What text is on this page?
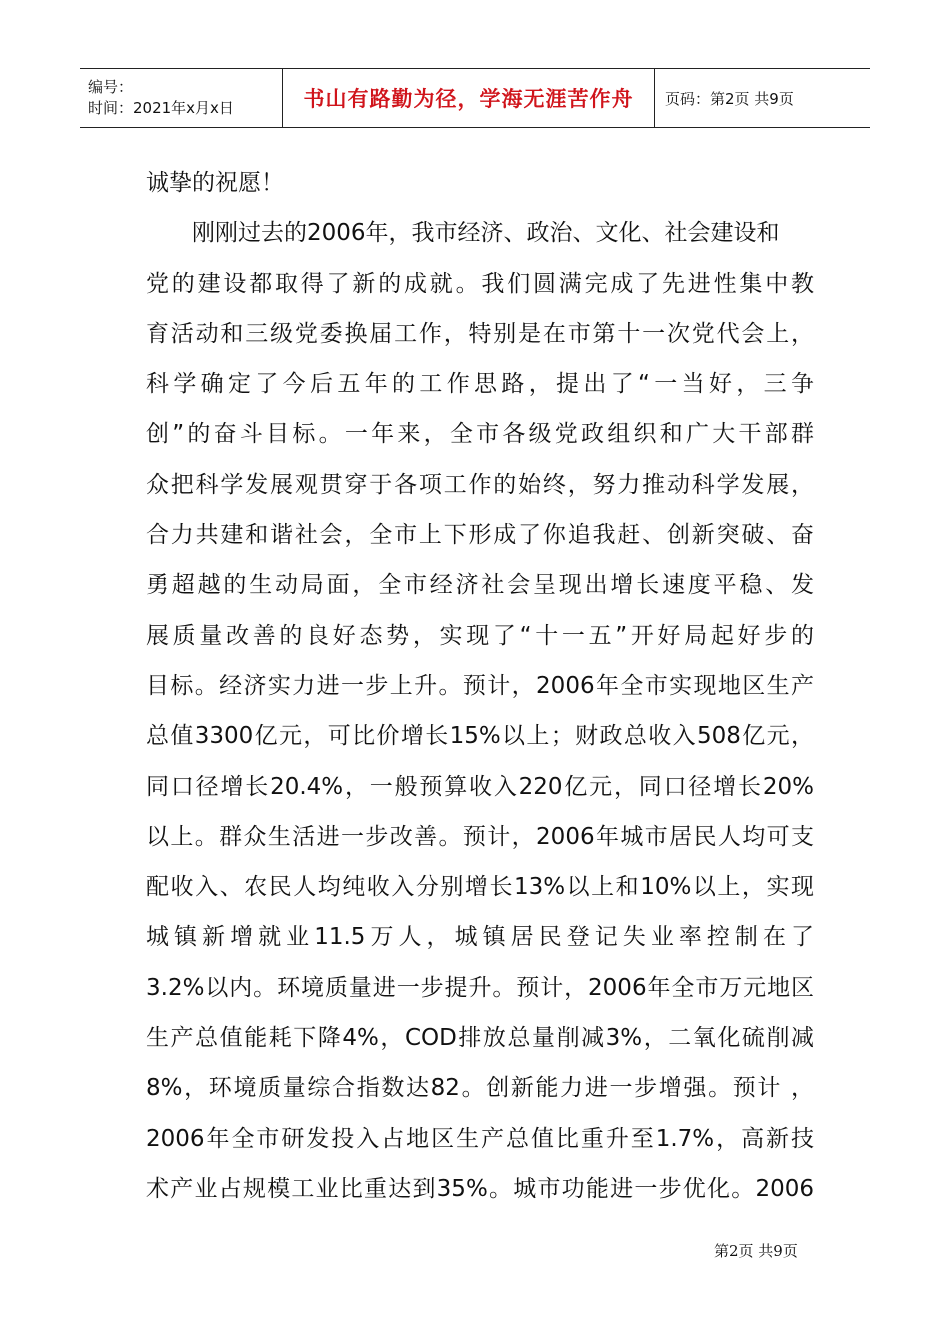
编号：
时间：2021年x月x日	书山有路勤为径，学海无涯苦作舟 页码：第2页 共9页
诚挚的祝愿！
刚刚过去的2006年，我市经济、政治、文化、社会建设和
党的建设都取得了新的成就。我们圆满完成了先进性集中教
育活动和三级党委换届工作，特别是在市第十一次党代会上，
科学确定了今后五年的工作思路，提出了“一当好，三争
创”的奋斗目标。一年来，全市各级党政组织和广大干部群
众把科学发展观贯穿于各项工作的始终，努力推动科学发展，
合力共建和谐社会，全市上下形成了你追我赶、创新突破、奋
勇超越的生动局面，全市经济社会呈现出增长速度平稳、发
展质量改善的良好态势，实现了“十一五”开好局起好步的
目标。经济实力进一步上升。预计，2006年全市实现地区生产
总值3300亿元，可比价增长15%以上；财政总收入508亿元，
同口径增长20.4%，一般预算收入220亿元，同口径增长20%
以上。群众生活进一步改善。预计，2006年城市居民人均可支
配收入、农民人均纯收入分别增长13%以上和10%以上，实现
城镇新增就业11.5万人，城镇居民登记失业率控制在了
3.2%以内。环境质量进一步提升。预计，2006年全市万元地区
生产总值能耗下降4%，COD排放总量削减3%，二氧化硫削减
8%，环境质量综合指数达82。创新能力进一步增强。预计 ，
2006年全市研发投入占地区生产总值比重升至1.7%，高新技
术产业占规模工业比重达到35%。城市功能进一步优化。2006
第2页 共9页
